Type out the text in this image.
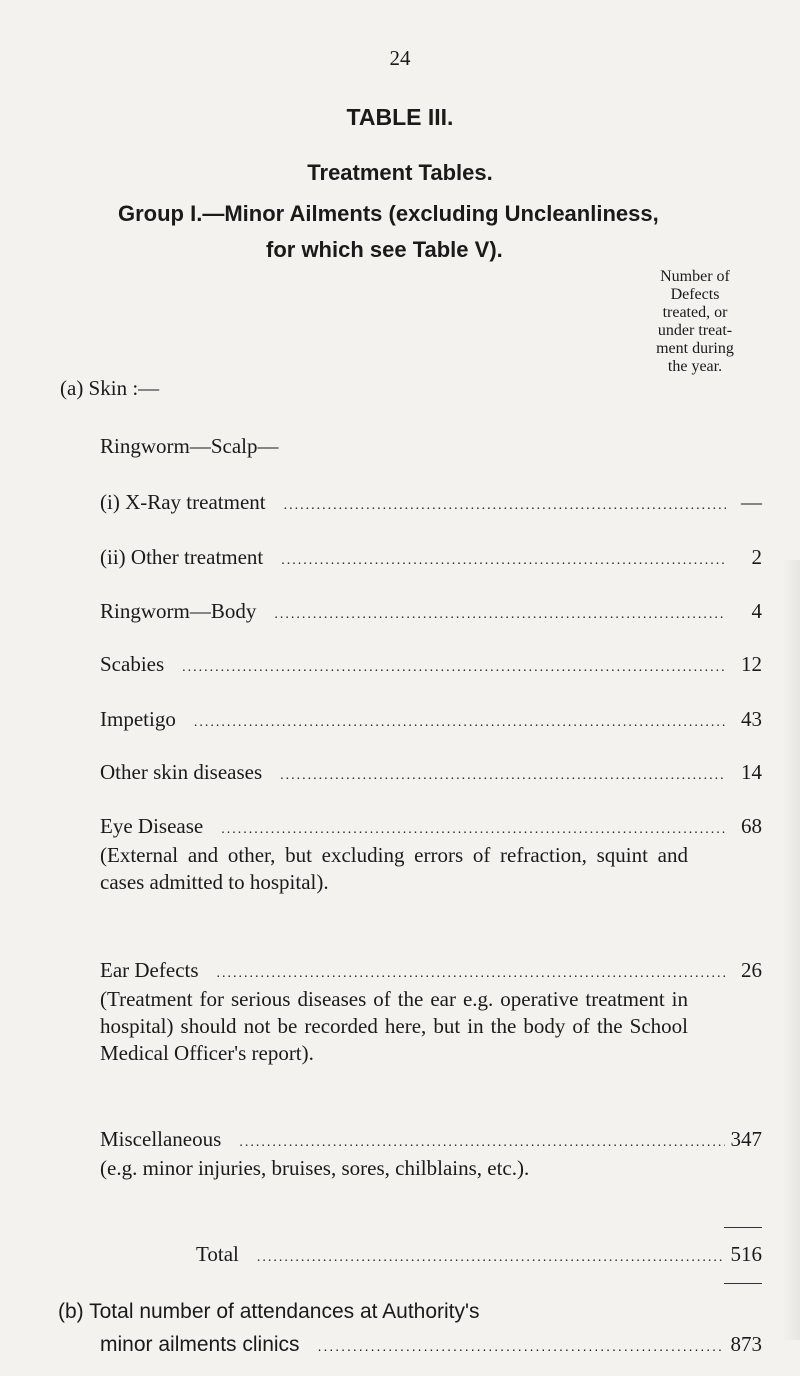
24
TABLE III.
Treatment Tables.
Group I.—Minor Ailments (excluding Uncleanliness,
for which see Table V).
Number of
Defects
treated, or
under treat-
ment during
the year.
(a) Skin :—
Ringworm—Scalp—
(i) X-Ray treatment .....	—
(ii) Other treatment .....	2
Ringworm—Body .....	4
Scabies .....	12
Impetigo .....	43
Other skin diseases .....	14
Eye Disease .....	68
(External and other, but excluding errors of refraction, squint and cases admitted to hospital).
Ear Defects .....	26
(Treatment for serious diseases of the ear e.g. operative treatment in hospital) should not be recorded here, but in the body of the School Medical Officer's report).
Miscellaneous .....	347
(e.g. minor injuries, bruises, sores, chilblains, etc.).
Total .....	516
(b) Total number of attendances at Authority's
minor ailments clinics .....	873
